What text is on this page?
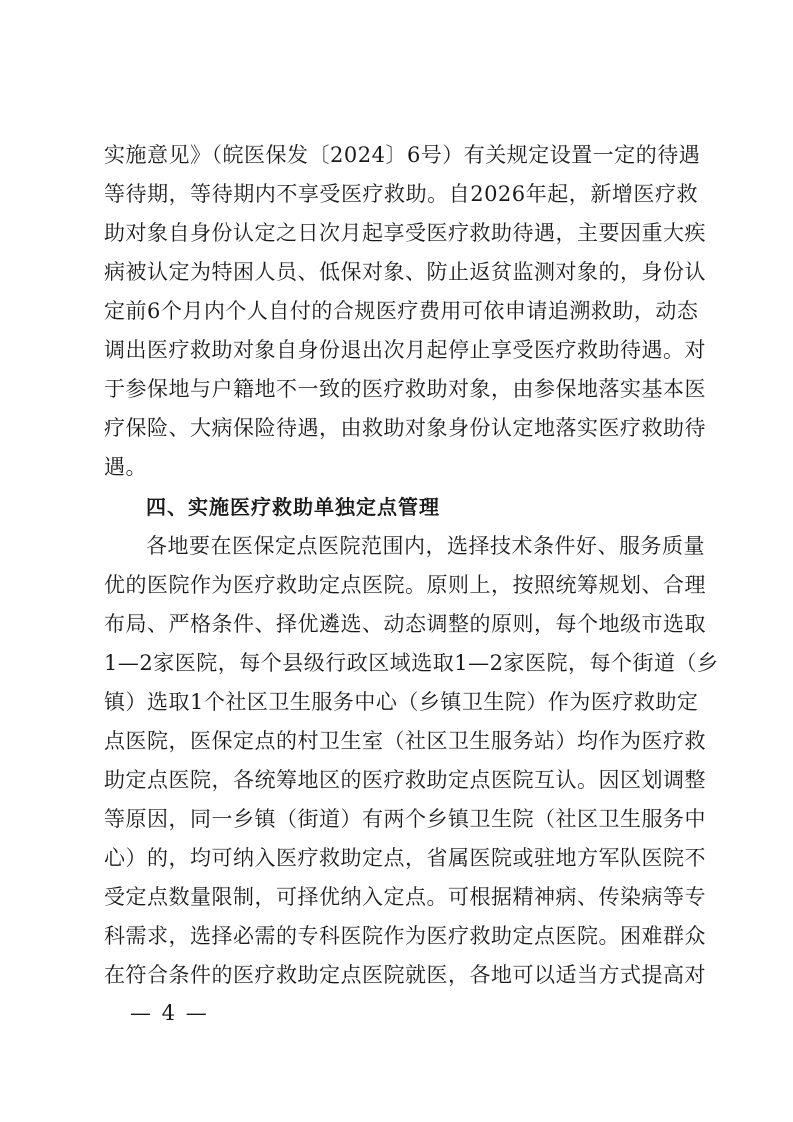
实施意见》（皖医保发〔2024〕6号）有关规定设置一定的待遇
等待期，等待期内不享受医疗救助。自2026年起，新增医疗救
助对象自身份认定之日次月起享受医疗救助待遇，主要因重大疾
病被认定为特困人员、低保对象、防止返贫监测对象的，身份认
定前6个月内个人自付的合规医疗费用可依申请追溯救助，动态
调出医疗救助对象自身份退出次月起停止享受医疗救助待遇。对
于参保地与户籍地不一致的医疗救助对象，由参保地落实基本医
疗保险、大病保险待遇，由救助对象身份认定地落实医疗救助待
遇。
四、实施医疗救助单独定点管理
各地要在医保定点医院范围内，选择技术条件好、服务质量
优的医院作为医疗救助定点医院。原则上，按照统筹规划、合理
布局、严格条件、择优遴选、动态调整的原则，每个地级市选取
1—2家医院，每个县级行政区域选取1—2家医院，每个街道（乡
镇）选取1个社区卫生服务中心（乡镇卫生院）作为医疗救助定
点医院，医保定点的村卫生室（社区卫生服务站）均作为医疗救
助定点医院，各统筹地区的医疗救助定点医院互认。因区划调整
等原因，同一乡镇（街道）有两个乡镇卫生院（社区卫生服务中
心）的，均可纳入医疗救助定点，省属医院或驻地方军队医院不
受定点数量限制，可择优纳入定点。可根据精神病、传染病等专
科需求，选择必需的专科医院作为医疗救助定点医院。困难群众
在符合条件的医疗救助定点医院就医，各地可以适当方式提高对
— 4 —
